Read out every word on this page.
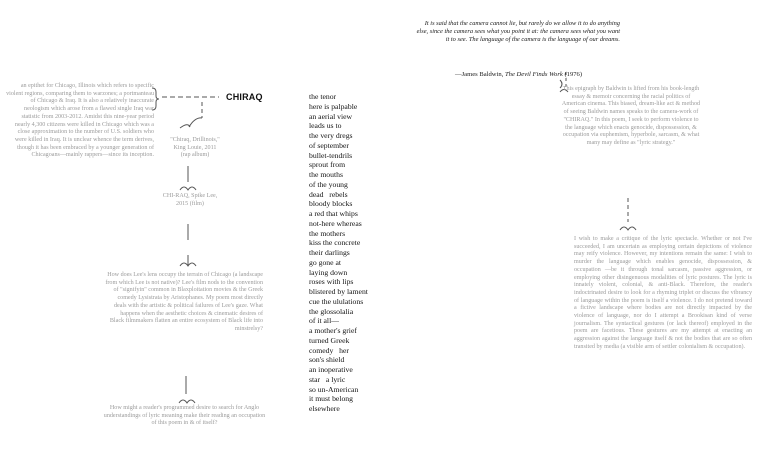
an epithet for Chicago, Illinois which refers to specific violent regions, comparing them to warzones; a portmanteau of Chicago & Iraq. It is also a relatively inaccurate neologism which arose from a flawed single Iraq war statistic from 2003-2012. Amidst this nine-year period nearly 4,300 citizens were killed in Chicago which was a close approximation to the number of U.S. soldiers who were killed in Iraq. It is unclear whence the term derives, though it has been embraced by a younger generation of Chicagoans—mainly rappers—since its inception.
CHIRAQ
"Chiraq, Drillinois,"
King Louie, 2011
(rap album)
CHI-RAQ, Spike Lee,
2015 (film)
How does Lee's lens occupy the terrain of Chicago (a landscape from which Lee is not native)? Lee's film nods to the convention of "signifyin" common in Blaxploitation movies & the Greek comedy Lysistrata by Aristophanes. My poem most directly deals with the artistic & political failures of Lee's gaze. What happens when the aesthetic choices & cinematic desires of Black filmmakers flatten an entire ecosystem of Black life into minstrelsy?
How might a reader's programmed desire to search for Anglo understandings of lyric meaning make their reading an occupation of this poem in & of itself?
the tenor
here is palpable
an aerial view
leads us to
the very dregs
of september
bullet-tendrils
sprout from
the mouths
of the young
dead   rebels
bloody blocks
a red that whips
not-here whereas
the mothers
kiss the concrete
their darlings
go gone at
laying down
roses with lips
blistered by lament
cue the ululations
the glossolalia
of it all—
a mother's grief
turned Greek
comedy   her
son's shield
an inoperative
star   a lyric
so un-American
it must belong
elsewhere
It is said that the camera cannot lie, but rarely do we allow it to do anything else, since the camera sees what you point it at: the camera sees what you want it to see. The language of the camera is the language of our dreams.
—James Baldwin, The Devil Finds Work (1976)
This epigraph by Baldwin is lifted from his book-length essay & memoir concerning the racial politics of American cinema. This biased, dream-like act & method of seeing Baldwin names speaks to the camera-work of "CHIRAQ." In this poem, I seek to perform violence to the language which enacts genocide, dispossession, & occupation via euphemism, hyperbole, sarcasm, & what many may define as "lyric strategy."
I wish to make a critique of the lyric spectacle. Whether or not I've succeeded, I am uncertain as employing certain depictions of violence may reify violence. However, my intentions remain the same: I wish to murder the language which enables genocide, dispossession, & occupation —be it through tonal sarcasm, passive aggression, or employing other disingenuous modalities of lyric postures. The lyric is innately violent, colonial, & anti-Black. Therefore, the reader's indoctrinated desire to look for a rhyming triplet or discuss the vibrancy of language within the poem is itself a violence. I do not pretend toward a fictive landscape where bodies are not directly impacted by the violence of language, nor do I attempt a Brookisan kind of verse journalism. The syntactical gestures (or lack thereof) employed in the poem are facetious. These gestures are my attempt at enacting an aggression against the language itself & not the bodies that are so often transited by media (a visible arm of settler colonialism & occupation).
